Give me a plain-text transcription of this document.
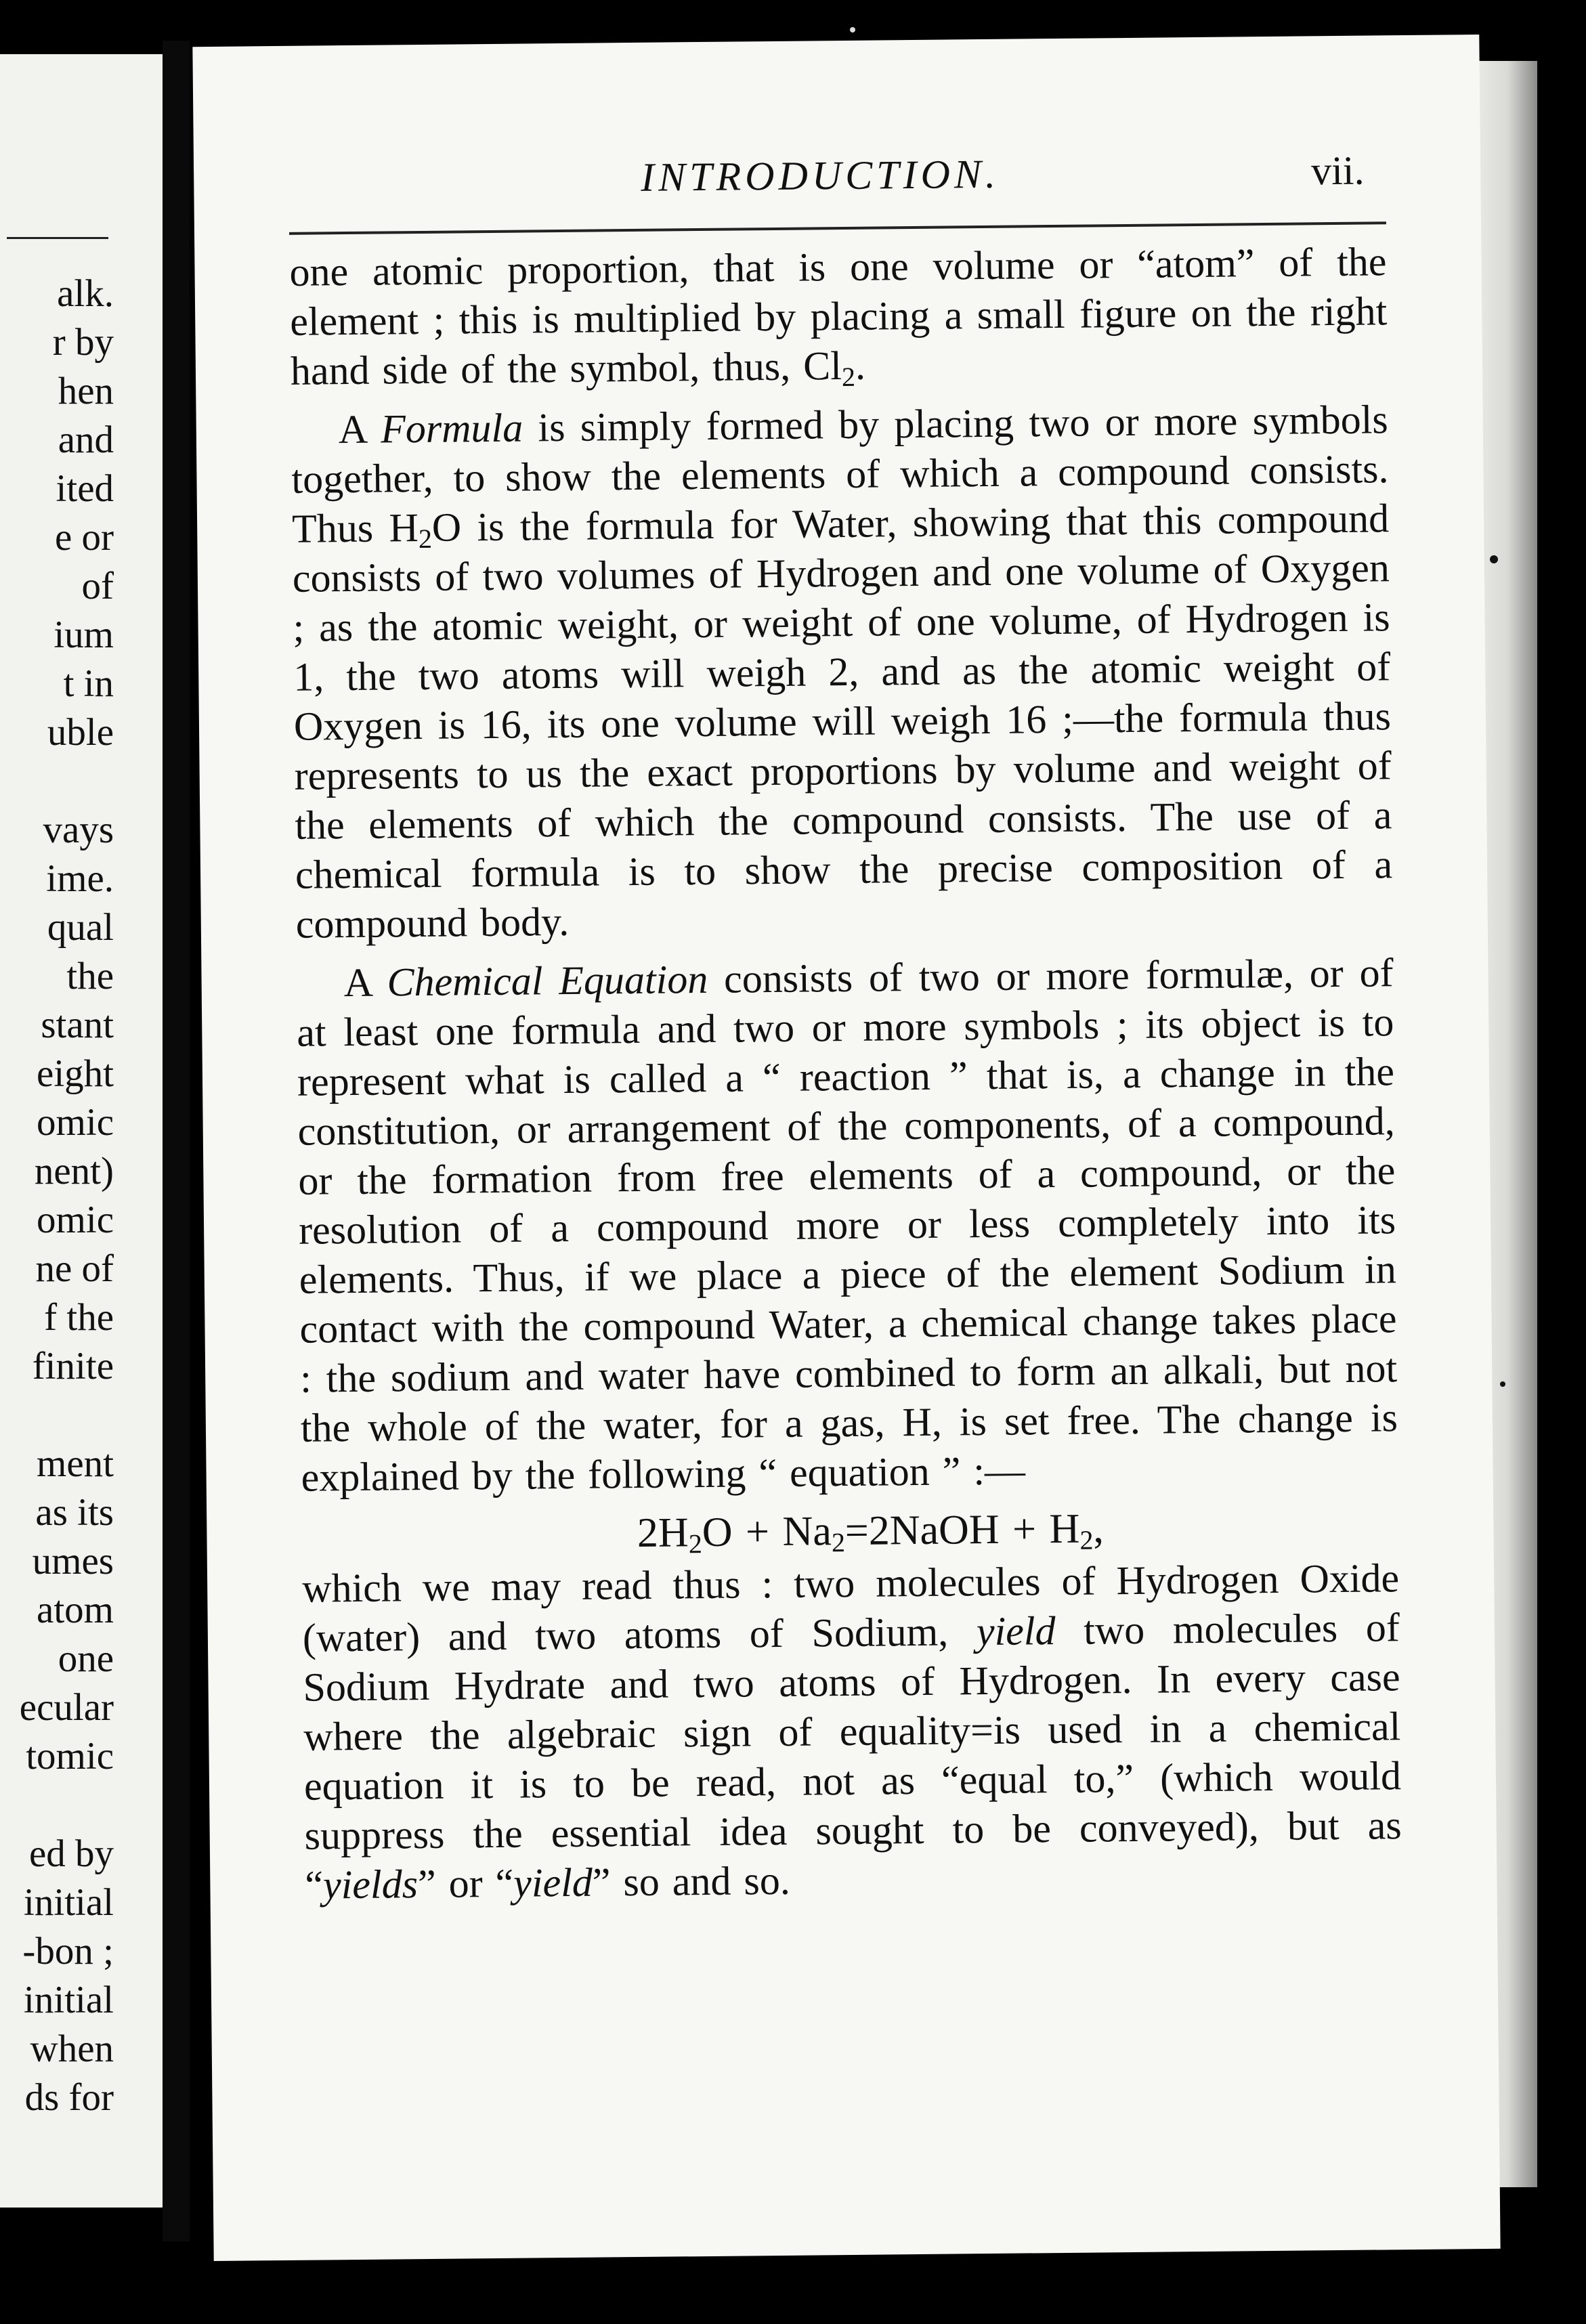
alk.
r by
hen
and
ited
e or
of
ium
t in
uble

vays
ime.
qual
the
stant
eight
omic
nent)
omic
ne of
f the
finite

ment
as its
umes
atom
one
ecular
tomic

ed by
initial
-bon ;
initial
when
ds for
INTRODUCTION.	vii.

one atomic proportion, that is one volume or “atom” of the element ; this is multiplied by placing a small figure on the right hand side of the symbol, thus, $Cl_2$.

A Formula is simply formed by placing two or more symbols together, to show the elements of which a compound consists. Thus $H_2O$ is the formula for Water, showing that this compound consists of two volumes of Hydrogen and one volume of Oxygen ; as the atomic weight, or weight of one volume, of Hydrogen is 1, the two atoms will weigh 2, and as the atomic weight of Oxygen is 16, its one volume will weigh 16 ;—the formula thus represents to us the exact proportions by volume and weight of the elements of which the compound consists. The use of a chemical formula is to show the precise composition of a compound body.

A Chemical Equation consists of two or more formulæ, or of at least one formula and two or more symbols ; its object is to represent what is called a “ reaction ” that is, a change in the constitution, or arrangement of the components, of a compound, or the formation from free elements of a compound, or the resolution of a compound more or less completely into its elements. Thus, if we place a piece of the element Sodium in contact with the compound Water, a chemical change takes place : the sodium and water have combined to form an alkali, but not the whole of the water, for a gas, H, is set free. The change is explained by the following “ equation ” :—

$2H_2O$ + $Na_2=2NaOH + H_2$,

which we may read thus : two molecules of Hydrogen Oxide (water) and two atoms of Sodium, yield two molecules of Sodium Hydrate and two atoms of Hydrogen. In every case where the algebraic sign of equality=is used in a chemical equation it is to be read, not as “equal to,” (which would suppress the essential idea sought to be conveyed), but as “yields” or “yield” so and so.
